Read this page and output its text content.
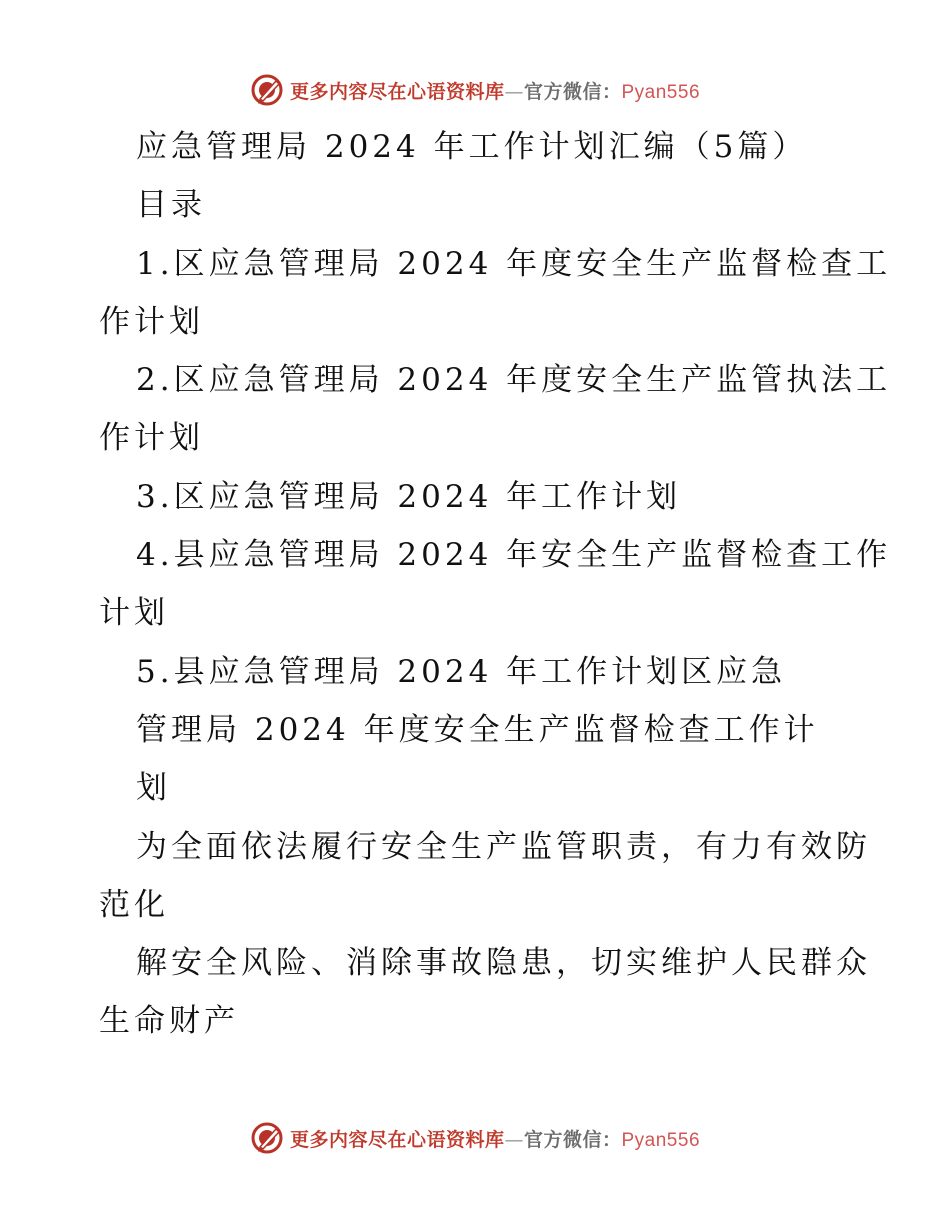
更多内容尽在心语资料库—官方微信：Pyan556
应急管理局 2024 年工作计划汇编（5篇）
目录
1.区应急管理局 2024 年度安全生产监督检查工
作计划
2.区应急管理局 2024 年度安全生产监管执法工
作计划
3.区应急管理局 2024 年工作计划
4.县应急管理局 2024 年安全生产监督检查工作
计划
5.县应急管理局 2024 年工作计划区应急
管理局 2024 年度安全生产监督检查工作计
划
为全面依法履行安全生产监管职责，有力有效防
范化
解安全风险、消除事故隐患，切实维护人民群众
生命财产
更多内容尽在心语资料库—官方微信：Pyan556
